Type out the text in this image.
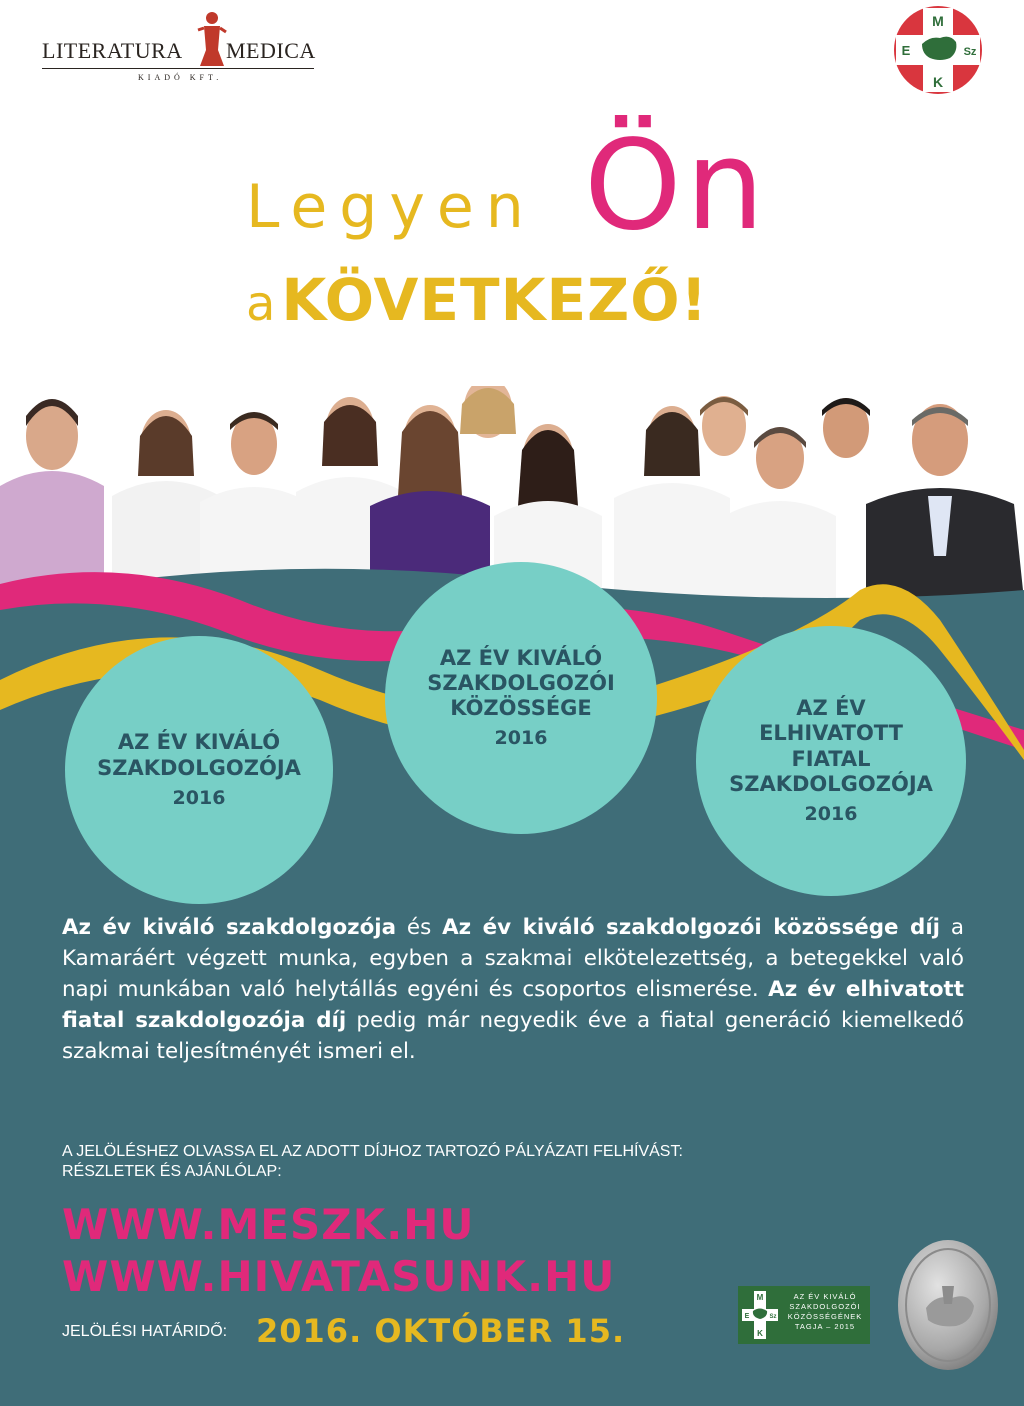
LITERATURA MEDICA
KIADÓ KFT.
M
E	Sz
K
Legyen Ön
a KÖVETKEZŐ!
AZ ÉV KIVÁLÓ
SZAKDOLGOZÓJA
2016
AZ ÉV KIVÁLÓ
SZAKDOLGOZÓI
KÖZÖSSÉGE
2016
AZ ÉV
ELHIVATOTT
FIATAL
SZAKDOLGOZÓJA
2016
Az év kiváló szakdolgozója és Az év kiváló szakdolgozói közössége díj a Kamaráért végzett munka, egyben a szakmai elkötelezettség, a betegekkel való napi munkában való helytállás egyéni és csoportos elismerése. Az év elhivatott fiatal szakdolgozója díj pedig már negyedik éve a fiatal generáció kiemelkedő szakmai teljesítményét ismeri el.
A JELÖLÉSHEZ OLVASSA EL AZ ADOTT DÍJHOZ TARTOZÓ PÁLYÁZATI FELHÍVÁST:
RÉSZLETEK ÉS AJÁNLÓLAP:
WWW.MESZK.HU
WWW.HIVATASUNK.HU
JELÖLÉSI HATÁRIDŐ: 2016. OKTÓBER 15.
M
E	Sz
K
AZ ÉV KIVÁLÓ
SZAKDOLGOZÓI
KÖZÖSSÉGÉNEK
TAGJA – 2015
